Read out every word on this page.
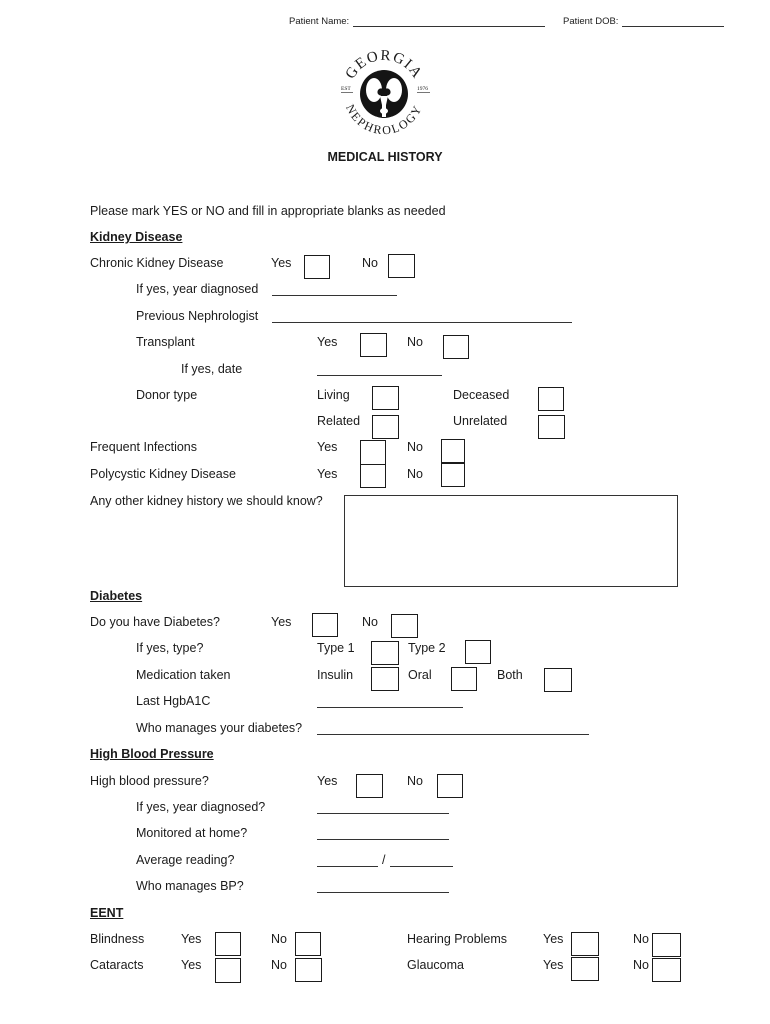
Patient Name:	Patient DOB:
GEORGIA
NEPHROLOGY
EST	1976
MEDICAL HISTORY
Please mark YES or NO and fill in appropriate blanks as needed
Kidney Disease
Chronic Kidney Disease	Yes	No
If yes, year diagnosed
Previous Nephrologist
Transplant	Yes	No
If yes, date
Donor type	Living	Deceased
Related	Unrelated
Frequent Infections	Yes	No
Polycystic Kidney Disease	Yes	No
Any other kidney history we should know?
Diabetes
Do you have Diabetes?	Yes	No
If yes, type?	Type 1	Type 2
Medication taken	Insulin	Oral	Both
Last HgbA1C
Who manages your diabetes?
High Blood Pressure
High blood pressure?	Yes	No
If yes, year diagnosed?
Monitored at home?
Average reading?	/
Who manages BP?
EENT
Blindness	Yes	No	Hearing Problems	Yes	No
Cataracts	Yes	No	Glaucoma	Yes	No
